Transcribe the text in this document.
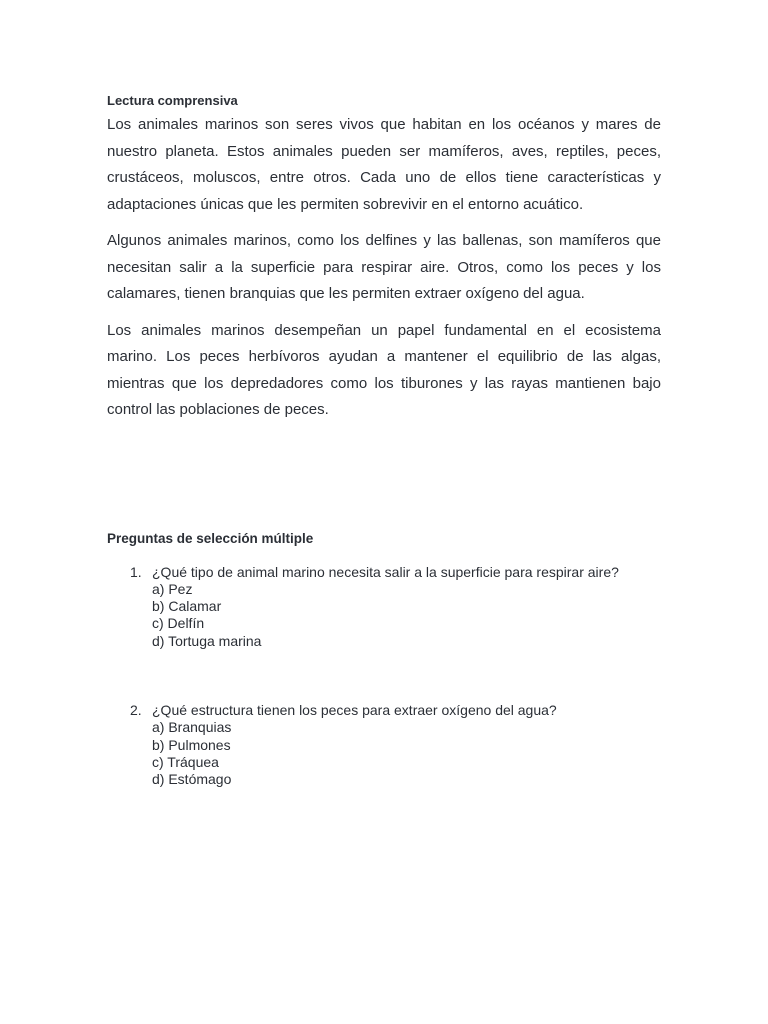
Lectura comprensiva

Los animales marinos son seres vivos que habitan en los océanos y mares de nuestro planeta. Estos animales pueden ser mamíferos, aves, reptiles, peces, crustáceos, moluscos, entre otros. Cada uno de ellos tiene características y adaptaciones únicas que les permiten sobrevivir en el entorno acuático.

Algunos animales marinos, como los delfines y las ballenas, son mamíferos que necesitan salir a la superficie para respirar aire. Otros, como los peces y los calamares, tienen branquias que les permiten extraer oxígeno del agua.

Los animales marinos desempeñan un papel fundamental en el ecosistema marino. Los peces herbívoros ayudan a mantener el equilibrio de las algas, mientras que los depredadores como los tiburones y las rayas mantienen bajo control las poblaciones de peces.

Preguntas de selección múltiple
1. ¿Qué tipo de animal marino necesita salir a la superficie para respirar aire?
a) Pez
b) Calamar
c) Delfín
d) Tortuga marina
2. ¿Qué estructura tienen los peces para extraer oxígeno del agua?
a) Branquias
b) Pulmones
c) Tráquea
d) Estómago
